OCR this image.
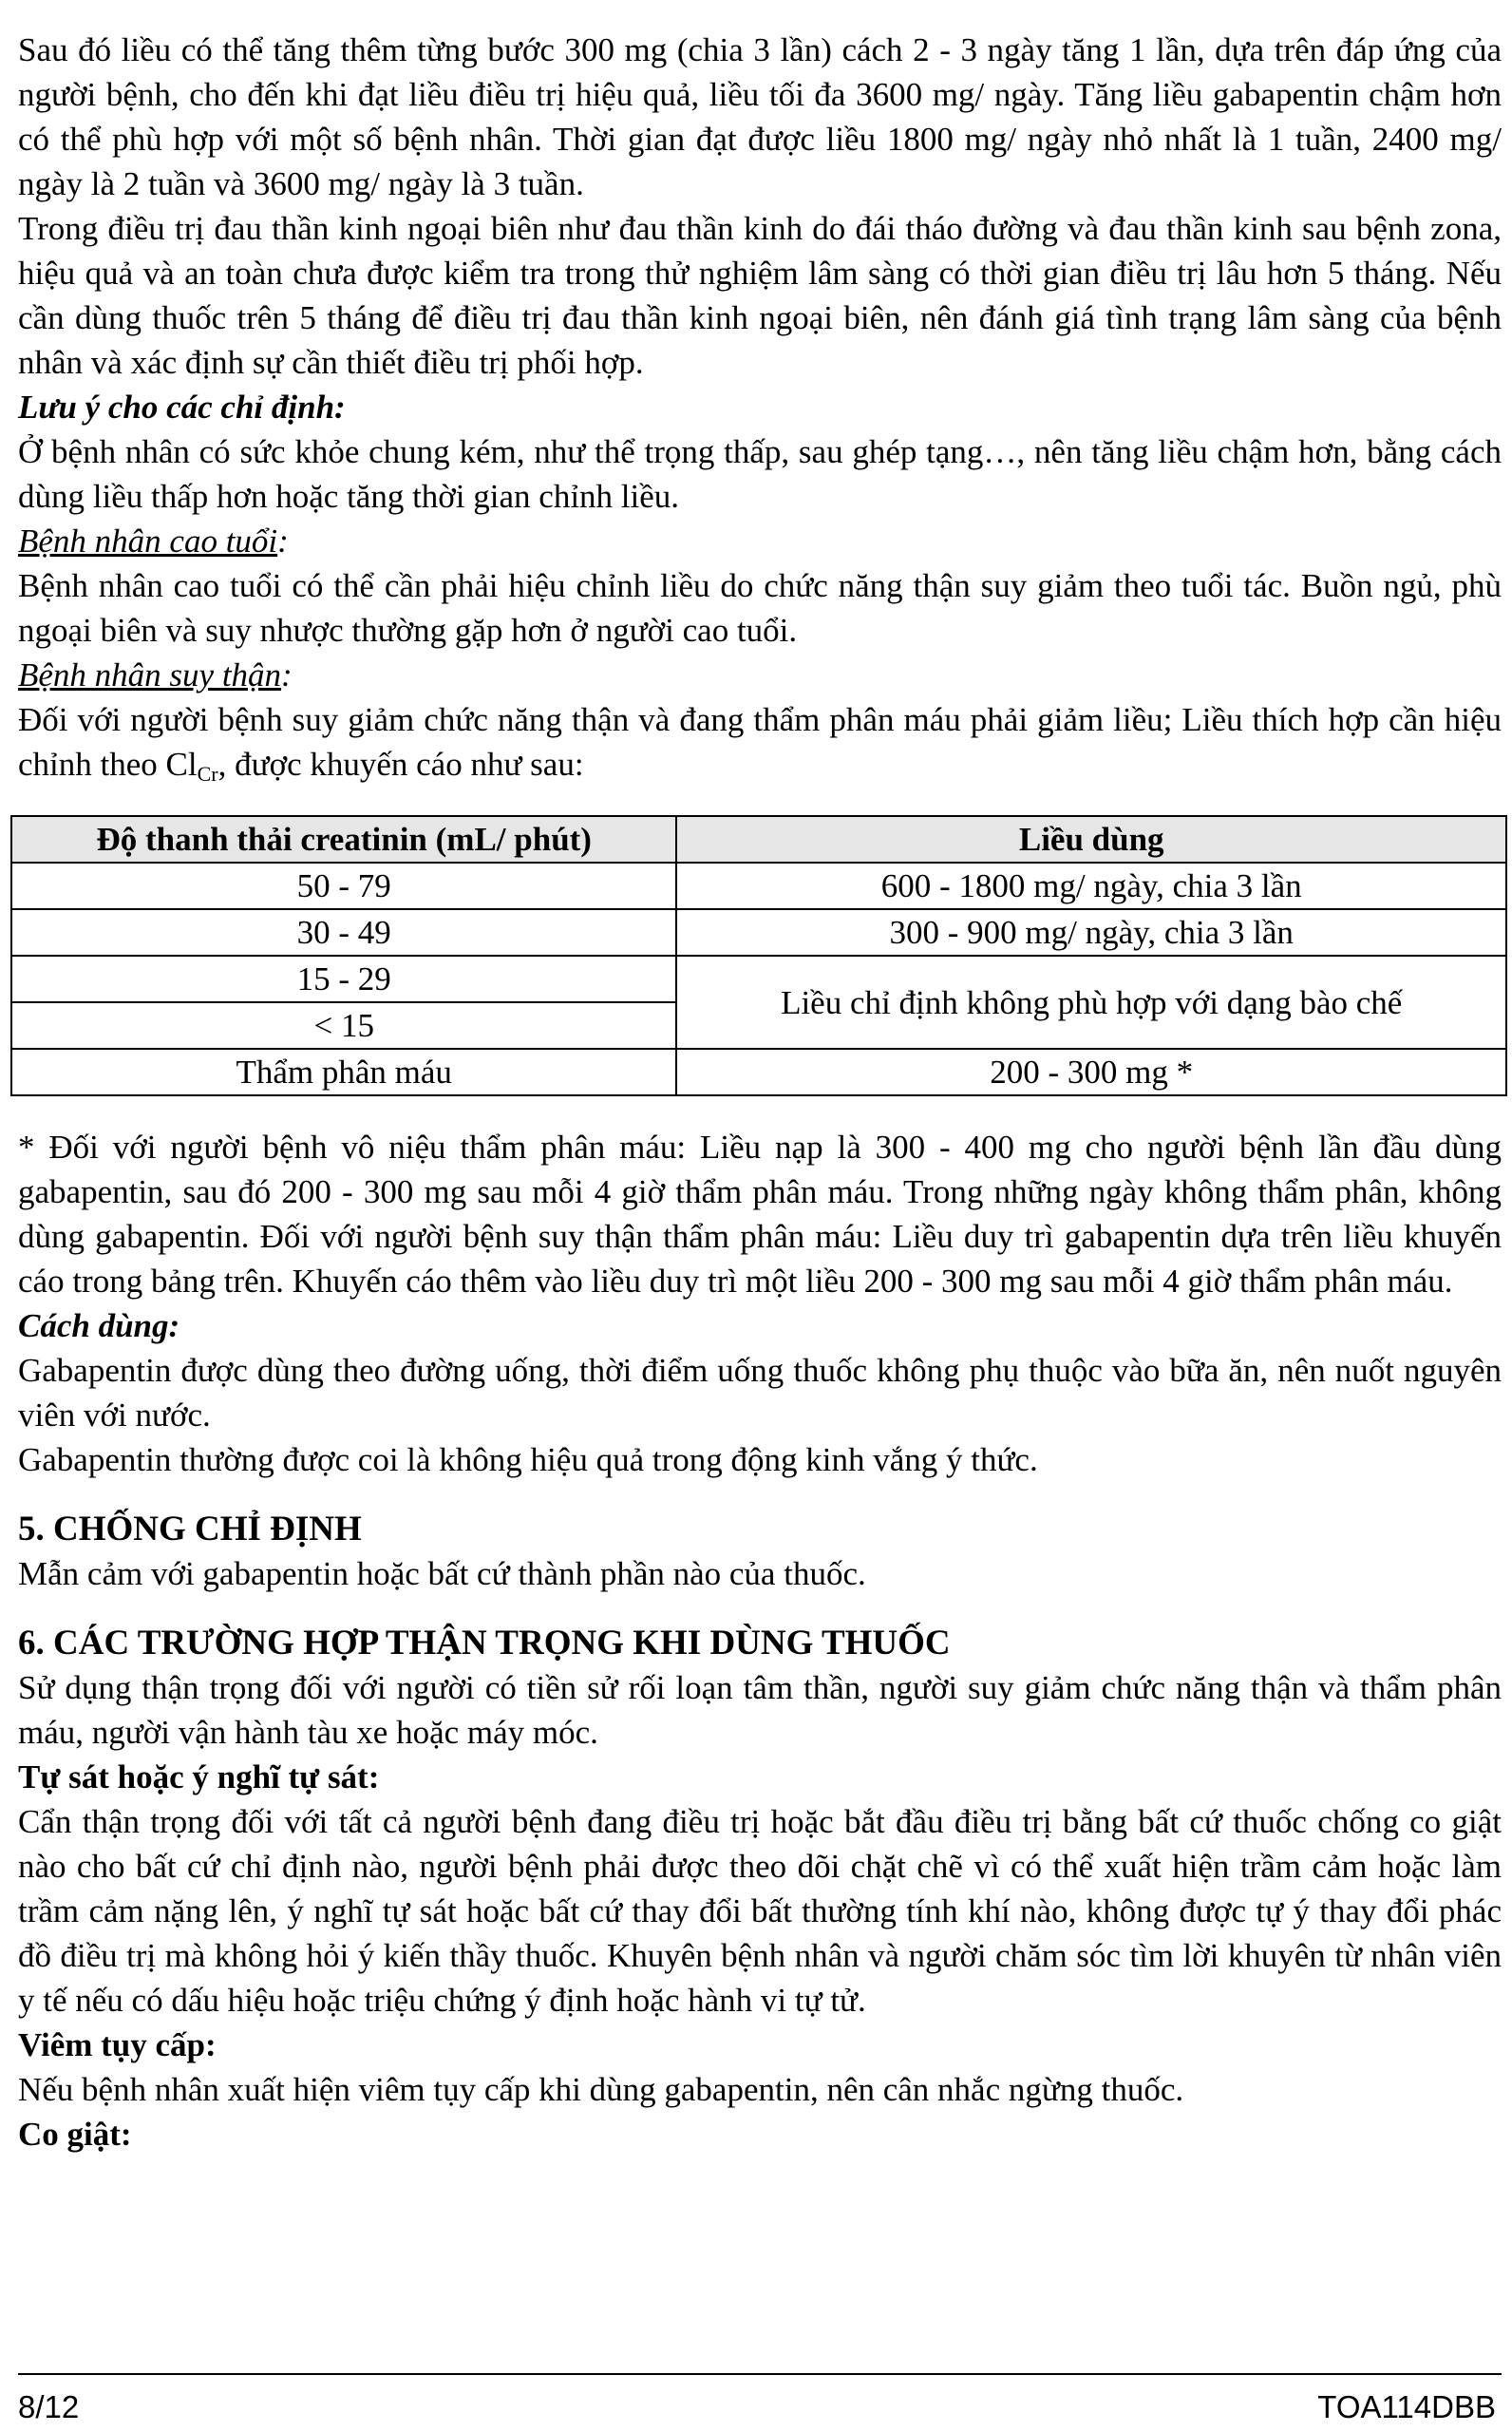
Sau đó liều có thể tăng thêm từng bước 300 mg (chia 3 lần) cách 2 - 3 ngày tăng 1 lần, dựa trên đáp ứng của người bệnh, cho đến khi đạt liều điều trị hiệu quả, liều tối đa 3600 mg/ ngày. Tăng liều gabapentin chậm hơn có thể phù hợp với một số bệnh nhân. Thời gian đạt được liều 1800 mg/ ngày nhỏ nhất là 1 tuần, 2400 mg/ ngày là 2 tuần và 3600 mg/ ngày là 3 tuần.

Trong điều trị đau thần kinh ngoại biên như đau thần kinh do đái tháo đường và đau thần kinh sau bệnh zona, hiệu quả và an toàn chưa được kiểm tra trong thử nghiệm lâm sàng có thời gian điều trị lâu hơn 5 tháng. Nếu cần dùng thuốc trên 5 tháng để điều trị đau thần kinh ngoại biên, nên đánh giá tình trạng lâm sàng của bệnh nhân và xác định sự cần thiết điều trị phối hợp.

Lưu ý cho các chỉ định:

Ở bệnh nhân có sức khỏe chung kém, như thể trọng thấp, sau ghép tạng…, nên tăng liều chậm hơn, bằng cách dùng liều thấp hơn hoặc tăng thời gian chỉnh liều.

Bệnh nhân cao tuổi:

Bệnh nhân cao tuổi có thể cần phải hiệu chỉnh liều do chức năng thận suy giảm theo tuổi tác. Buồn ngủ, phù ngoại biên và suy nhược thường gặp hơn ở người cao tuổi.

Bệnh nhân suy thận:

Đối với người bệnh suy giảm chức năng thận và đang thẩm phân máu phải giảm liều; Liều thích hợp cần hiệu chỉnh theo $Cl_{Cr}$, được khuyến cáo như sau:

Độ thanh thải creatinin (mL/ phút)	Liều dùng
50 - 79	600 - 1800 mg/ ngày, chia 3 lần
30 - 49	300 - 900 mg/ ngày, chia 3 lần
15 - 29	Liều chỉ định không phù hợp với dạng bào chế
< 15	
Thẩm phân máu	200 - 300 mg *

* Đối với người bệnh vô niệu thẩm phân máu: Liều nạp là 300 - 400 mg cho người bệnh lần đầu dùng gabapentin, sau đó 200 - 300 mg sau mỗi 4 giờ thẩm phân máu. Trong những ngày không thẩm phân, không dùng gabapentin. Đối với người bệnh suy thận thẩm phân máu: Liều duy trì gabapentin dựa trên liều khuyến cáo trong bảng trên. Khuyến cáo thêm vào liều duy trì một liều 200 - 300 mg sau mỗi 4 giờ thẩm phân máu.

Cách dùng:

Gabapentin được dùng theo đường uống, thời điểm uống thuốc không phụ thuộc vào bữa ăn, nên nuốt nguyên viên với nước.

Gabapentin thường được coi là không hiệu quả trong động kinh vắng ý thức.

5. CHỐNG CHỈ ĐỊNH

Mẫn cảm với gabapentin hoặc bất cứ thành phần nào của thuốc.

6. CÁC TRƯỜNG HỢP THẬN TRỌNG KHI DÙNG THUỐC

Sử dụng thận trọng đối với người có tiền sử rối loạn tâm thần, người suy giảm chức năng thận và thẩm phân máu, người vận hành tàu xe hoặc máy móc.

Tự sát hoặc ý nghĩ tự sát:

Cẩn thận trọng đối với tất cả người bệnh đang điều trị hoặc bắt đầu điều trị bằng bất cứ thuốc chống co giật nào cho bất cứ chỉ định nào, người bệnh phải được theo dõi chặt chẽ vì có thể xuất hiện trầm cảm hoặc làm trầm cảm nặng lên, ý nghĩ tự sát hoặc bất cứ thay đổi bất thường tính khí nào, không được tự ý thay đổi phác đồ điều trị mà không hỏi ý kiến thầy thuốc. Khuyên bệnh nhân và người chăm sóc tìm lời khuyên từ nhân viên y tế nếu có dấu hiệu hoặc triệu chứng ý định hoặc hành vi tự tử.

Viêm tụy cấp:

Nếu bệnh nhân xuất hiện viêm tụy cấp khi dùng gabapentin, nên cân nhắc ngừng thuốc.

Co giật:

8/12	TOA114DBB
